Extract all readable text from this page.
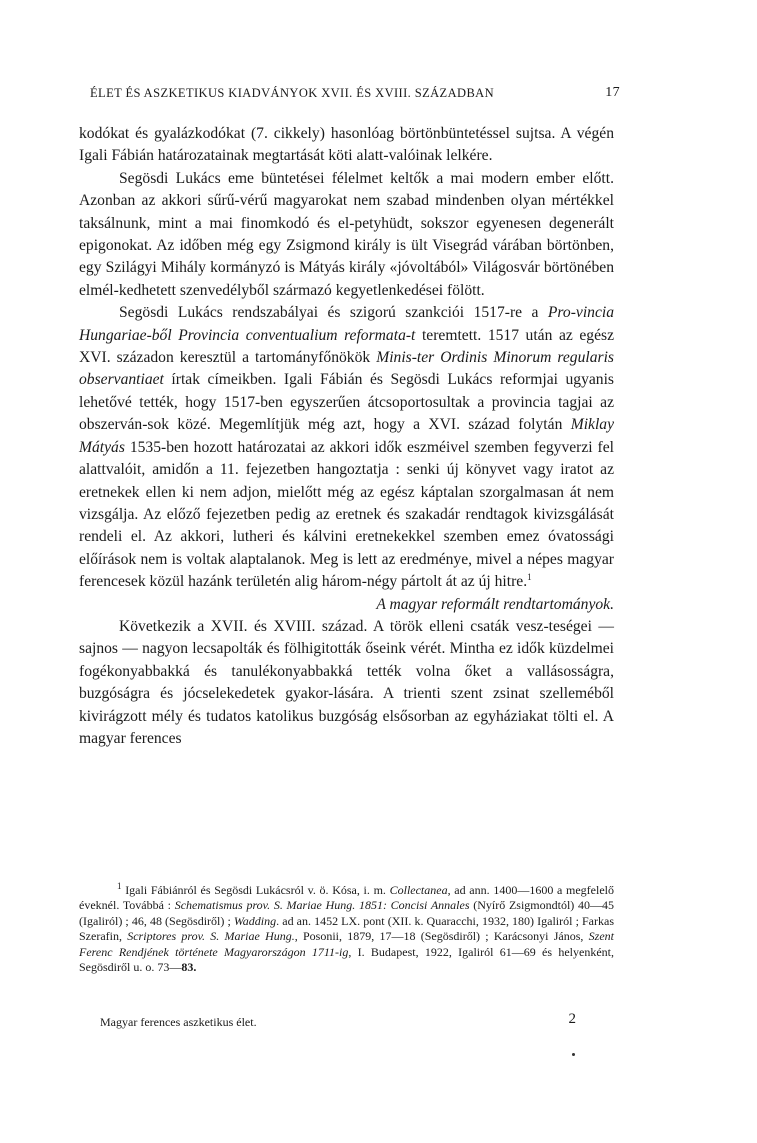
ÉLET ÉS ASZKETIKUS KIADVÁNYOK XVII. ÉS XVIII. SZÁZADBAN	17

kodókat és gyalázkodókat (7. cikkely) hasonlóag börtönbüntetéssel sujtsa. A végén Igali Fábián határozatainak megtartását köti alatt-valóinak lelkére.

Segösdi Lukács eme büntetései félelmet keltők a mai modern ember előtt. Azonban az akkori sűrű-vérű magyarokat nem szabad mindenben olyan mértékkel taksálnunk, mint a mai finomkodó és el-petyhüdt, sokszor egyenesen degenerált epigonokat. Az időben még egy Zsigmond király is ült Visegrád várában börtönben, egy Szilágyi Mihály kormányzó is Mátyás király «jóvoltából» Világosvár börtönében elmél-kedhetett szenvedélyből származó kegyetlenkedései fölött.

Segösdi Lukács rendszabályai és szigorú szankciói 1517-re a Pro-vincia Hungariae-ből Provincia conventualium reformata-t teremtett. 1517 után az egész XVI. századon keresztül a tartományfőnökök Minis-ter Ordinis Minorum regularis observantiaet írtak címeikben. Igali Fábián és Segösdi Lukács reformjai ugyanis lehetővé tették, hogy 1517-ben egyszerűen átcsoportosultak a provincia tagjai az obszerván-sok közé. Megemlítjük még azt, hogy a XVI. század folytán Miklay Mátyás 1535-ben hozott határozatai az akkori idők eszméivel szemben fegyverzi fel alattvalóit, amidőn a 11. fejezetben hangoztatja : senki új könyvet vagy iratot az eretnekek ellen ki nem adjon, mielőtt még az egész káptalan szorgalmasan át nem vizsgálja. Az előző fejezetben pedig az eretnek és szakadár rendtagok kivizsgálását rendeli el. Az akkori, lutheri és kálvini eretnekekkel szemben emez óvatossági előírások nem is voltak alaptalanok. Meg is lett az eredménye, mivel a népes magyar ferencesek közül hazánk területén alig három-négy pártolt át az új hitre.$^1$

A magyar reformált rendtartományok.

Következik a XVII. és XVIII. század. A török elleni csaták vesz-teségei — sajnos — nagyon lecsapolták és fölhigitották őseink vérét. Mintha ez idők küzdelmei fogékonyabbakká és tanulékonyabbakká tették volna őket a vallásosságra, buzgóságra és jócselekedetek gyakor-lására. A trienti szent zsinat szelleméből kivirágzott mély és tudatos katolikus buzgóság elsősorban az egyháziakat tölti el. A magyar ferences

$^1$ Igali Fábiánról és Segösdi Lukácsról v. ö. Kósa, i. m. Collectanea, ad ann. 1400—1600 a megfelelő éveknél. Továbbá : Schematismus prov. S. Mariae Hung. 1851: Concisi Annales (Nyírő Zsigmondtól) 40—45 (Igaliról) ; 46, 48 (Segösdiről) ; Wadding. ad an. 1452 LX. pont (XII. k. Quaracchi, 1932, 180) Igaliról ; Farkas Szerafin, Scriptores prov. S. Mariae Hung., Posonii, 1879, 17—18 (Segösdiről) ; Karácsonyi János, Szent Ferenc Rendjének története Magyarországon 1711-ig, I. Budapest, 1922, Igaliról 61—69 és helyenként, Segösdiről u. o. 73—83.

Magyar ferences aszketikus élet.	2
